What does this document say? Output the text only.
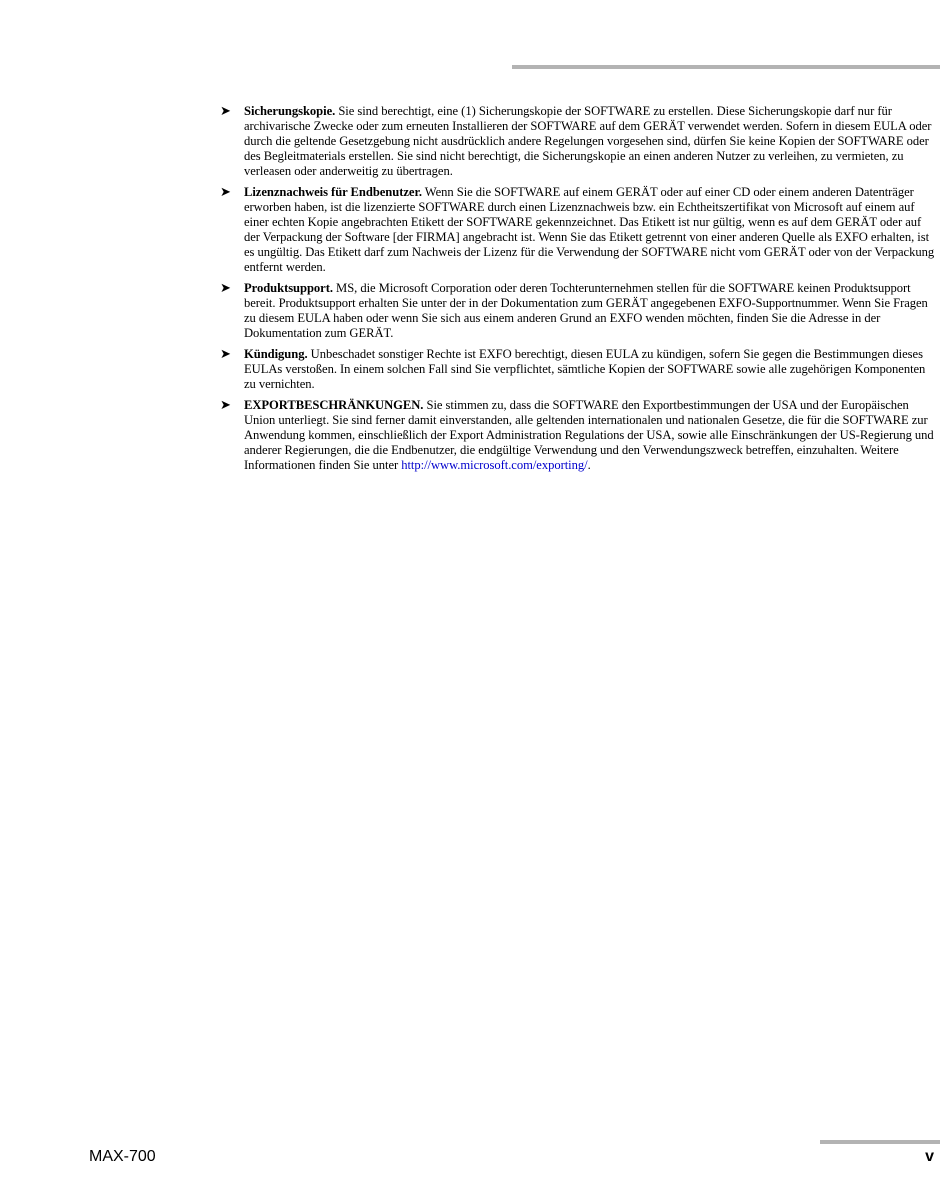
➤ Sicherungskopie. Sie sind berechtigt, eine (1) Sicherungskopie der SOFTWARE zu erstellen. Diese Sicherungskopie darf nur für archivarische Zwecke oder zum erneuten Installieren der SOFTWARE auf dem GERÄT verwendet werden. Sofern in diesem EULA oder durch die geltende Gesetzgebung nicht ausdrücklich andere Regelungen vorgesehen sind, dürfen Sie keine Kopien der SOFTWARE oder des Begleitmaterials erstellen. Sie sind nicht berechtigt, die Sicherungskopie an einen anderen Nutzer zu verleihen, zu vermieten, zu verleasen oder anderweitig zu übertragen.
➤ Lizenznachweis für Endbenutzer. Wenn Sie die SOFTWARE auf einem GERÄT oder auf einer CD oder einem anderen Datenträger erworben haben, ist die lizenzierte SOFTWARE durch einen Lizenznachweis bzw. ein Echtheitszertifikat von Microsoft auf einem auf einer echten Kopie angebrachten Etikett der SOFTWARE gekennzeichnet. Das Etikett ist nur gültig, wenn es auf dem GERÄT oder auf der Verpackung der Software [der FIRMA] angebracht ist. Wenn Sie das Etikett getrennt von einer anderen Quelle als EXFO erhalten, ist es ungültig. Das Etikett darf zum Nachweis der Lizenz für die Verwendung der SOFTWARE nicht vom GERÄT oder von der Verpackung entfernt werden.
➤ Produktsupport. MS, die Microsoft Corporation oder deren Tochterunternehmen stellen für die SOFTWARE keinen Produktsupport bereit. Produktsupport erhalten Sie unter der in der Dokumentation zum GERÄT angegebenen EXFO-Supportnummer. Wenn Sie Fragen zu diesem EULA haben oder wenn Sie sich aus einem anderen Grund an EXFO wenden möchten, finden Sie die Adresse in der Dokumentation zum GERÄT.
➤ Kündigung. Unbeschadet sonstiger Rechte ist EXFO berechtigt, diesen EULA zu kündigen, sofern Sie gegen die Bestimmungen dieses EULAs verstoßen. In einem solchen Fall sind Sie verpflichtet, sämtliche Kopien der SOFTWARE sowie alle zugehörigen Komponenten zu vernichten.
➤ EXPORTBESCHRÄNKUNGEN. Sie stimmen zu, dass die SOFTWARE den Exportbestimmungen der USA und der Europäischen Union unterliegt. Sie sind ferner damit einverstanden, alle geltenden internationalen und nationalen Gesetze, die für die SOFTWARE zur Anwendung kommen, einschließlich der Export Administration Regulations der USA, sowie alle Einschränkungen der US-Regierung und anderer Regierungen, die die Endbenutzer, die endgültige Verwendung und den Verwendungszweck betreffen, einzuhalten. Weitere Informationen finden Sie unter http://www.microsoft.com/exporting/.
MAX-700	v
